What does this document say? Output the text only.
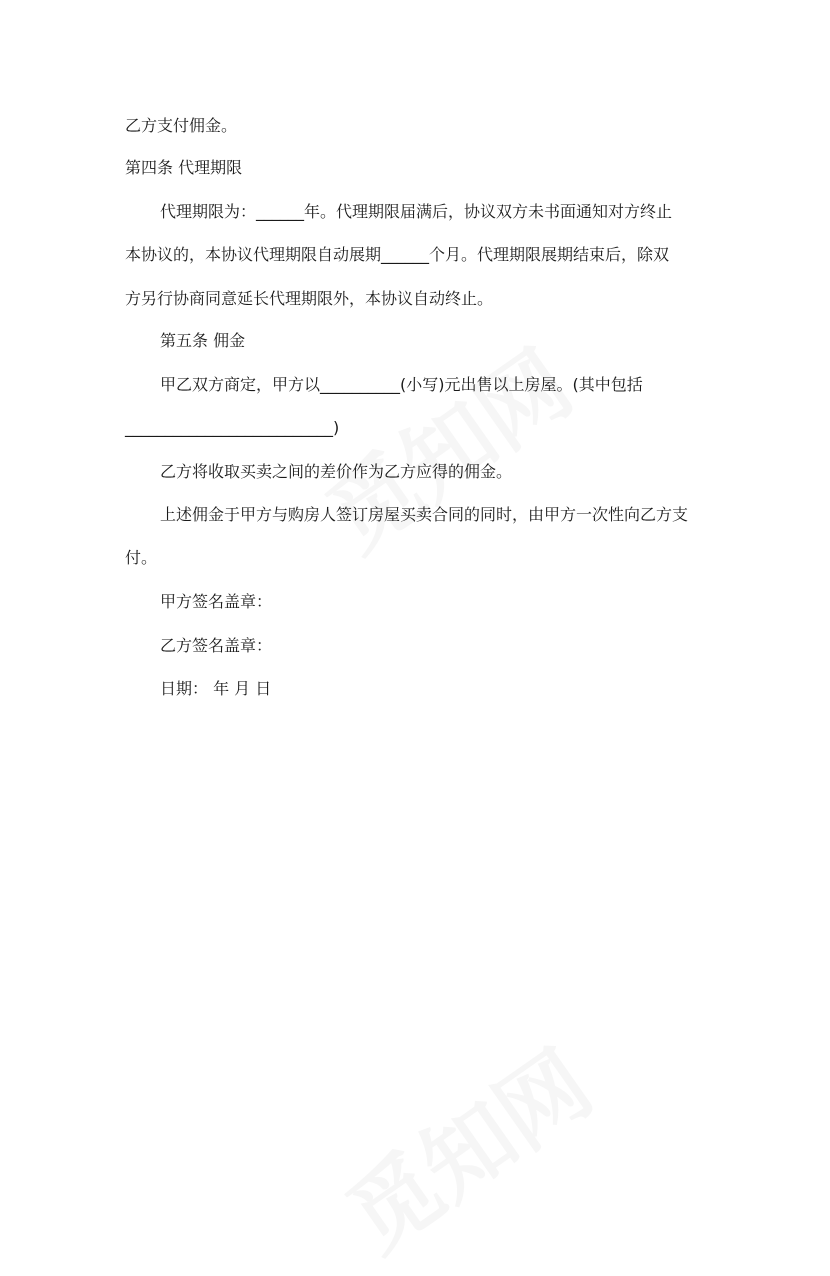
乙方支付佣金。
第四条 代理期限
代理期限为：______年。代理期限届满后，协议双方未书面通知对方终止
本协议的，本协议代理期限自动展期______个月。代理期限展期结束后，除双
方另行协商同意延长代理期限外，本协议自动终止。
第五条 佣金
甲乙双方商定，甲方以__________(小写)元出售以上房屋。(其中包括
__________________________)
乙方将收取买卖之间的差价作为乙方应得的佣金。
上述佣金于甲方与购房人签订房屋买卖合同的同时，由甲方一次性向乙方支
付。
甲方签名盖章：
乙方签名盖章：
日期： 年 月 日
